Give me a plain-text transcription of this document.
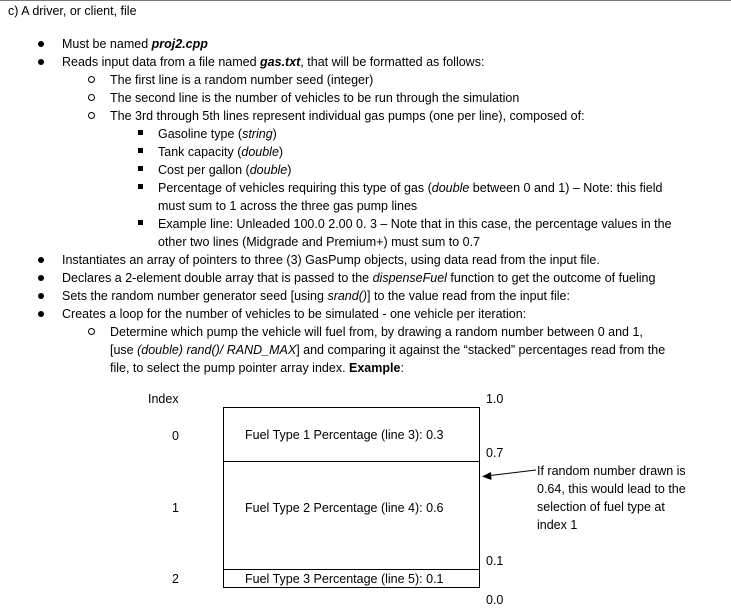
c) A driver, or client, file
Must be named proj2.cpp
Reads input data from a file named gas.txt, that will be formatted as follows:
The first line is a random number seed (integer)
The second line is the number of vehicles to be run through the simulation
The 3rd through 5th lines represent individual gas pumps (one per line), composed of:
Gasoline type (string)
Tank capacity (double)
Cost per gallon (double)
Percentage of vehicles requiring this type of gas (double between 0 and 1) – Note: this field
must sum to 1 across the three gas pump lines
Example line: Unleaded 100.0 2.00 0. 3 – Note that in this case, the percentage values in the
other two lines (Midgrade and Premium+) must sum to 0.7
Instantiates an array of pointers to three (3) GasPump objects, using data read from the input file.
Declares a 2-element double array that is passed to the dispenseFuel function to get the outcome of fueling
Sets the random number generator seed [using srand()] to the value read from the input file:
Creates a loop for the number of vehicles to be simulated - one vehicle per iteration:
Determine which pump the vehicle will fuel from, by drawing a random number between 0 and 1,
[use (double) rand()/ RAND_MAX] and comparing it against the “stacked” percentages read from the
file, to select the pump pointer array index. Example:
Index
0
1
2
Fuel Type 1 Percentage (line 3): 0.3
Fuel Type 2 Percentage (line 4): 0.6
Fuel Type 3 Percentage (line 5): 0.1
1.0
0.7
0.1
0.0
If random number drawn is
0.64, this would lead to the
selection of fuel type at
index 1
